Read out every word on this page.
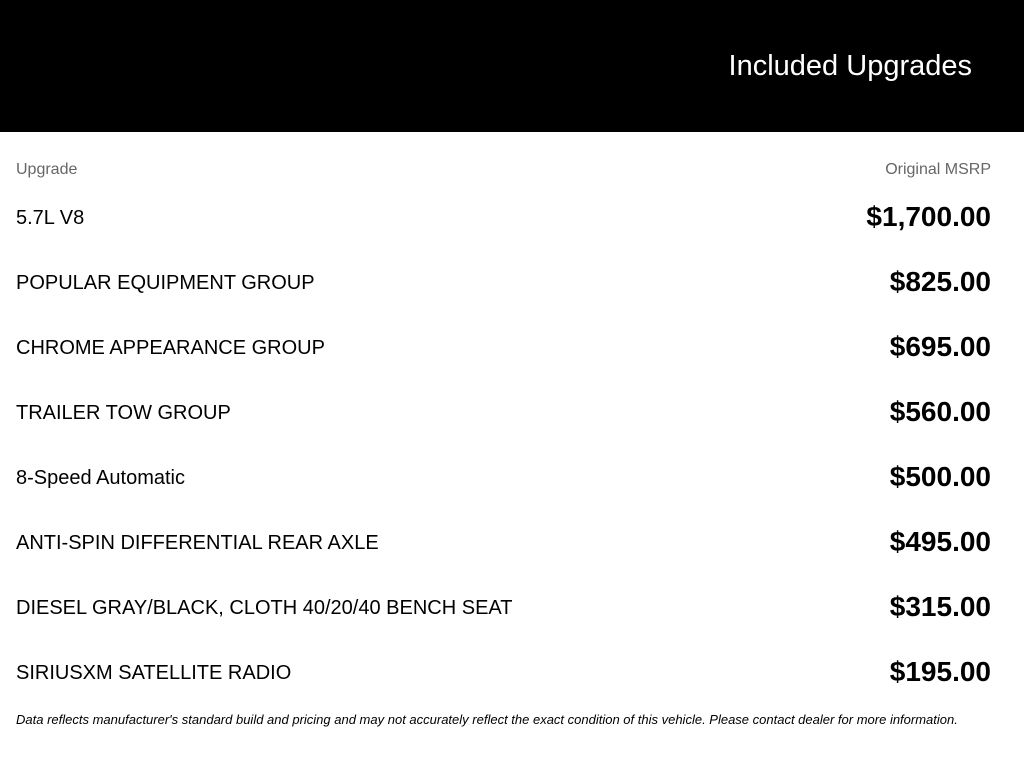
Included Upgrades
Upgrade	Original MSRP
5.7L V8	$1,700.00
POPULAR EQUIPMENT GROUP	$825.00
CHROME APPEARANCE GROUP	$695.00
TRAILER TOW GROUP	$560.00
8-Speed Automatic	$500.00
ANTI-SPIN DIFFERENTIAL REAR AXLE	$495.00
DIESEL GRAY/BLACK, CLOTH 40/20/40 BENCH SEAT	$315.00
SIRIUSXM SATELLITE RADIO	$195.00
Data reflects manufacturer's standard build and pricing and may not accurately reflect the exact condition of this vehicle. Please contact dealer for more information.
